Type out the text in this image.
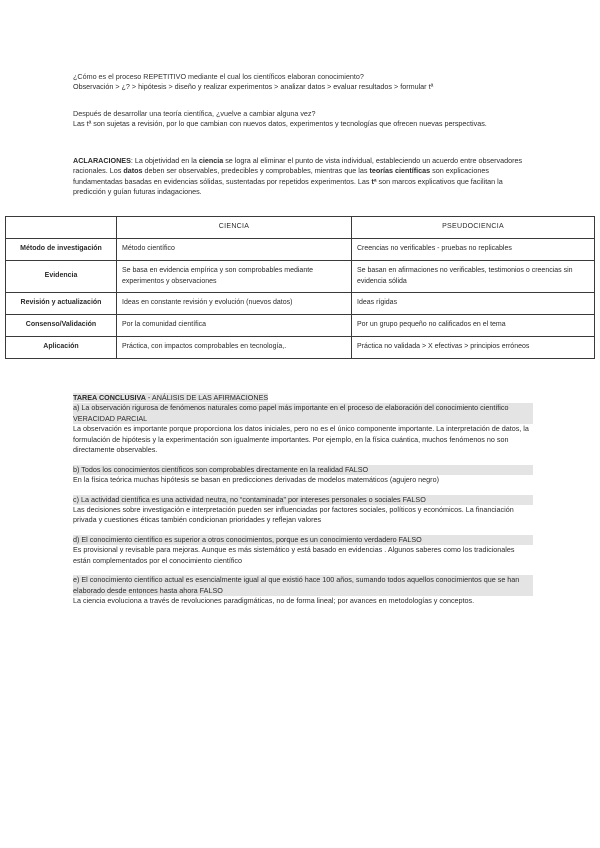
¿Cómo es el proceso REPETITIVO mediante el cual los científicos elaboran conocimiento?

Observación > ¿? > hipótesis > diseño y realizar experimentos > analizar datos > evaluar resultados > formular tª

Después de desarrollar una teoría científica, ¿vuelve a cambiar alguna vez?

Las tª son sujetas a revisión, por lo que cambian con nuevos datos, experimentos y tecnologías que ofrecen nuevas perspectivas.

ACLARACIONES: La objetividad en la ciencia se logra al eliminar el punto de vista individual, estableciendo un acuerdo entre observadores racionales. Los datos deben ser observables, predecibles y comprobables, mientras que las teorías científicas son explicaciones fundamentadas basadas en evidencias sólidas, sustentadas por repetidos experimentos. Las tª son marcos explicativos que facilitan la predicción y guían futuras indagaciones.

	CIENCIA	PSEUDOCIENCIA
Método de investigación	Método científico	Creencias no verificables - pruebas no replicables
Evidencia	Se basa en evidencia empírica y son comprobables mediante experimentos y observaciones	Se basan en afirmaciones no verificables, testimonios o creencias sin evidencia sólida
Revisión y actualización	Ideas en constante revisión y evolución (nuevos datos)	Ideas rígidas
Consenso/Validación	Por la comunidad científica	Por un grupo pequeño no calificados en el tema
Aplicación	Práctica, con impactos comprobables en tecnología,.	Práctica no validada > X efectivas > principios erróneos

TAREA CONCLUSIVA - ANÁLISIS DE LAS AFIRMACIONES

a) La observación rigurosa de fenómenos naturales como papel más importante en el proceso de elaboración del conocimiento científico VERACIDAD PARCIAL

La observación es importante porque proporciona los datos iniciales, pero no es el único componente importante. La interpretación de datos, la formulación de hipótesis y la experimentación son igualmente importantes. Por ejemplo, en la física cuántica, muchos fenómenos no son directamente observables.

b) Todos los conocimientos científicos son comprobables directamente en la realidad FALSO

En la física teórica muchas hipótesis se basan en predicciones derivadas de modelos matemáticos (agujero negro)

c) La actividad científica es una actividad neutra, no “contaminada” por intereses personales o sociales FALSO

Las decisiones sobre investigación e interpretación pueden ser influenciadas por factores sociales, políticos y económicos. La financiación privada y cuestiones éticas también condicionan prioridades y reflejan valores

d) El conocimiento científico es superior a otros conocimientos, porque es un conocimiento verdadero FALSO

Es provisional y revisable para mejoras. Aunque es más sistemático y está basado en evidencias . Algunos saberes como los tradicionales están complementados por el conocimiento científico

e) El conocimiento científico actual es esencialmente igual al que existió hace 100 años, sumando todos aquellos conocimientos que se han elaborado desde entonces hasta ahora FALSO

La ciencia evoluciona a través de revoluciones paradigmáticas, no de forma lineal; por avances en metodologías y conceptos.
